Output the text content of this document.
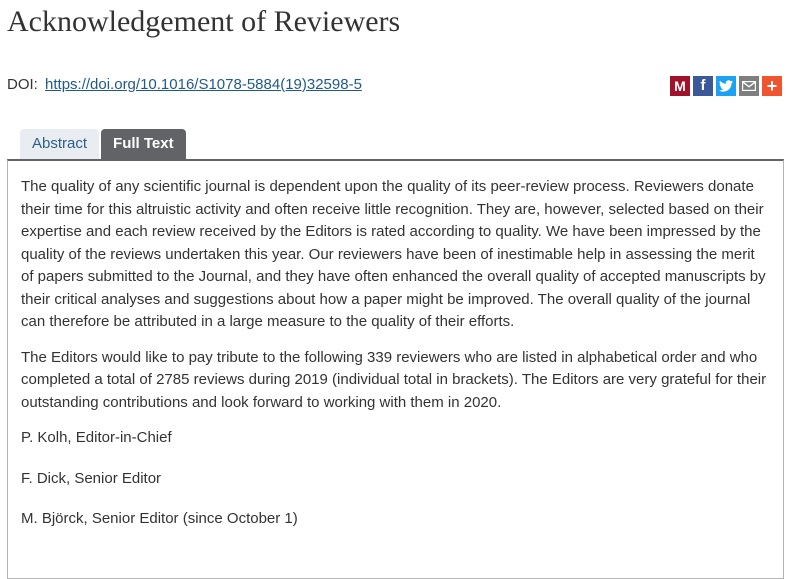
Acknowledgement of Reviewers
DOI: https://doi.org/10.1016/S1078-5884(19)32598-5	M f	+
Abstract	Full Text

The quality of any scientific journal is dependent upon the quality of its peer-review process. Reviewers donate their time for this altruistic activity and often receive little recognition. They are, however, selected based on their expertise and each review received by the Editors is rated according to quality. We have been impressed by the quality of the reviews undertaken this year. Our reviewers have been of inestimable help in assessing the merit of papers submitted to the Journal, and they have often enhanced the overall quality of accepted manuscripts by their critical analyses and suggestions about how a paper might be improved. The overall quality of the journal can therefore be attributed in a large measure to the quality of their efforts.

The Editors would like to pay tribute to the following 339 reviewers who are listed in alphabetical order and who completed a total of 2785 reviews during 2019 (individual total in brackets). The Editors are very grateful for their outstanding contributions and look forward to working with them in 2020.

P. Kolh, Editor-in-Chief

F. Dick, Senior Editor

M. Björck, Senior Editor (since October 1)
